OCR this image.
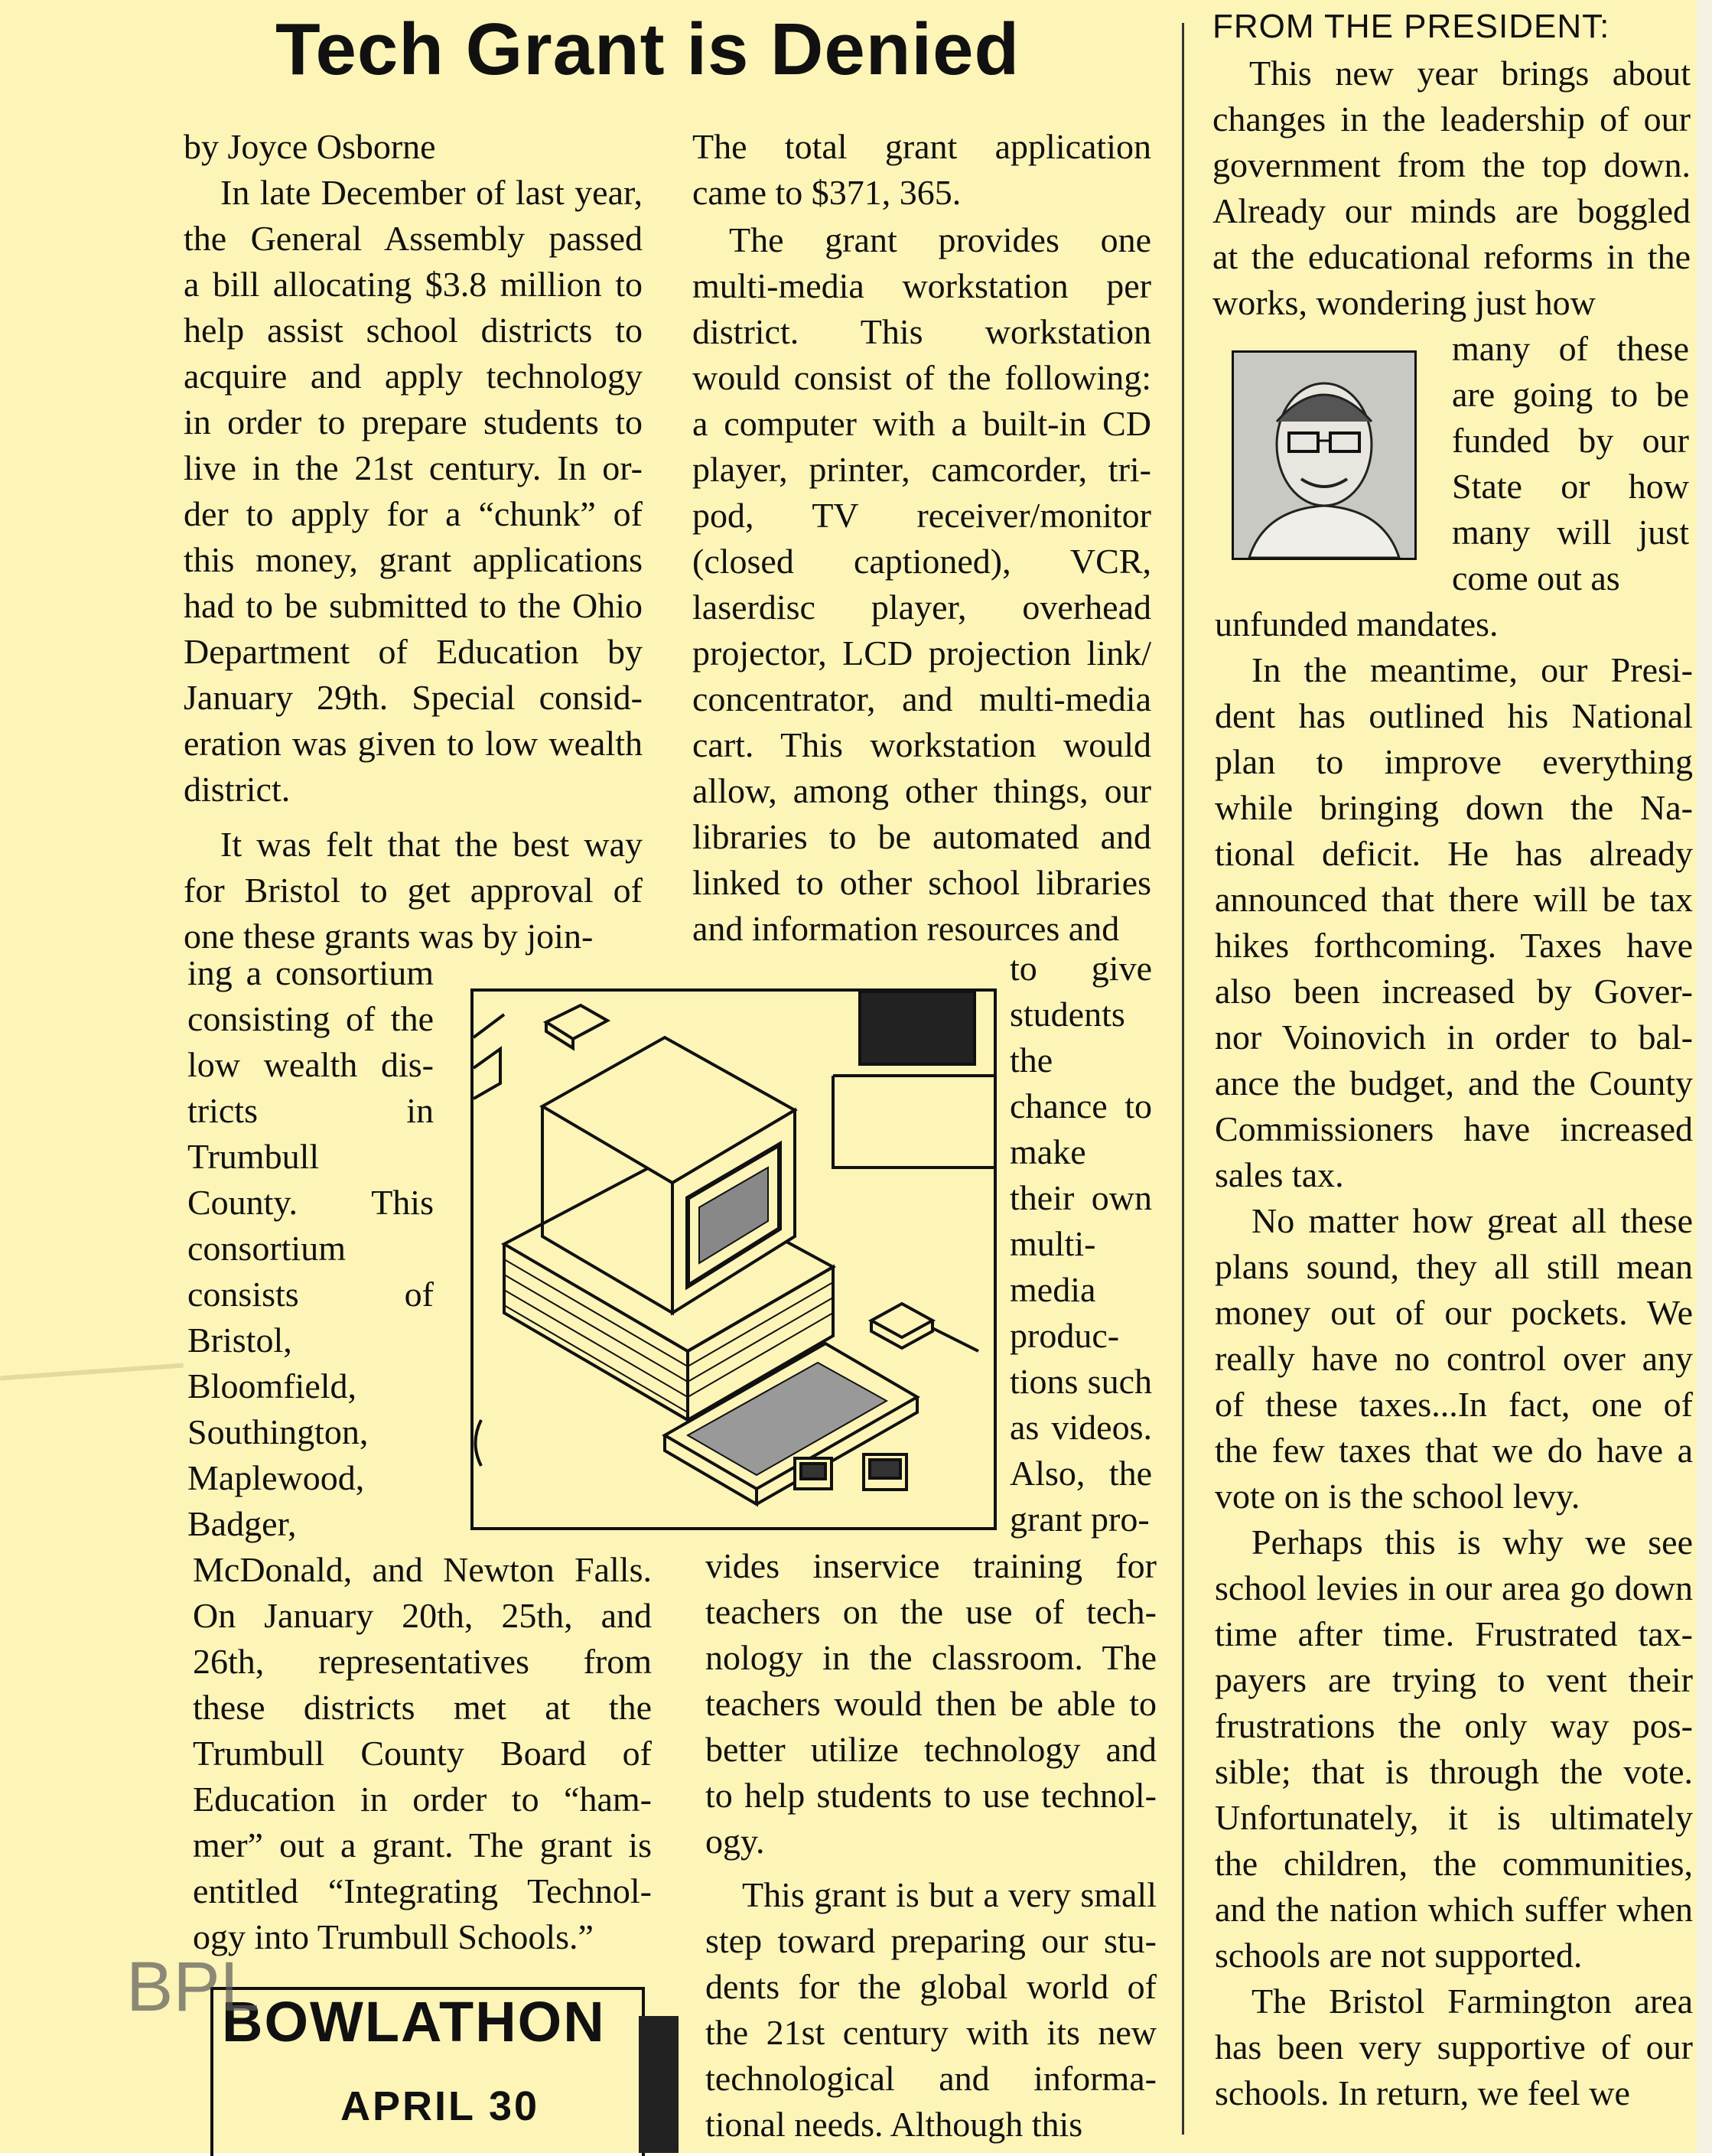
Tech Grant is Denied

by Joyce Osborne

In late December of last year,
the General Assembly passed
a bill allocating $3.8 million to
help assist school districts to
acquire and apply technology
in order to prepare students to
live in the 21st century. In or-
der to apply for a “chunk” of
this money, grant applications
had to be submitted to the Ohio
Department of Education by
January 29th. Special consid-
eration was given to low wealth
district.
It was felt that the best way
for Bristol to get approval of
one these grants was by join-
ing a consortium
consisting of the
low wealth dis-
tricts in
Trumbull
County. This
consortium
consists of
Bristol,
Bloomfield,
Southington,
Maplewood,
Badger,
McDonald, and Newton Falls.
On January 20th, 25th, and
26th, representatives from
these districts met at the
Trumbull County Board of
Education in order to “ham-
mer” out a grant. The grant is
entitled “Integrating Technol-
ogy into Trumbull Schools.”
The total grant application
came to $371, 365.
The grant provides one
multi-media workstation per
district. This workstation
would consist of the following:
a computer with a built-in CD
player, printer, camcorder, tri-
pod, TV receiver/monitor
(closed captioned), VCR,
laserdisc player, overhead
projector, LCD projection link/
concentrator, and multi-media
cart. This workstation would
allow, among other things, our
libraries to be automated and
linked to other school libraries
and information resources and
to give
students
the
chance to
make
their own
multi-
media
produc-
tions such
as videos.
Also, the
grant pro-
vides inservice training for
teachers on the use of tech-
nology in the classroom. The
teachers would then be able to
better utilize technology and
to help students to use technol-
ogy.
This grant is but a very small
step toward preparing our stu-
dents for the global world of
the 21st century with its new
technological and informa-
tional needs. Although this
FROM THE PRESIDENT:
This new year brings about
changes in the leadership of our
government from the top down.
Already our minds are boggled
at the educational reforms in the
works, wondering just how
many of these
are going to be
funded by our
State or how
many will just
come out as

unfunded mandates.

In the meantime, our Presi-
dent has outlined his National
plan to improve everything
while bringing down the Na-
tional deficit. He has already
announced that there will be tax
hikes forthcoming. Taxes have
also been increased by Gover-
nor Voinovich in order to bal-
ance the budget, and the County
Commissioners have increased
sales tax.
No matter how great all these
plans sound, they all still mean
money out of our pockets. We
really have no control over any
of these taxes...In fact, one of
the few taxes that we do have a
vote on is the school levy.
Perhaps this is why we see
school levies in our area go down
time after time. Frustrated tax-
payers are trying to vent their
frustrations the only way pos-
sible; that is through the vote.
Unfortunately, it is ultimately
the children, the communities,
and the nation which suffer when
schools are not supported.
The Bristol Farmington area
has been very supportive of our
schools. In return, we feel we
BOWLATHON
APRIL 30
BPL
